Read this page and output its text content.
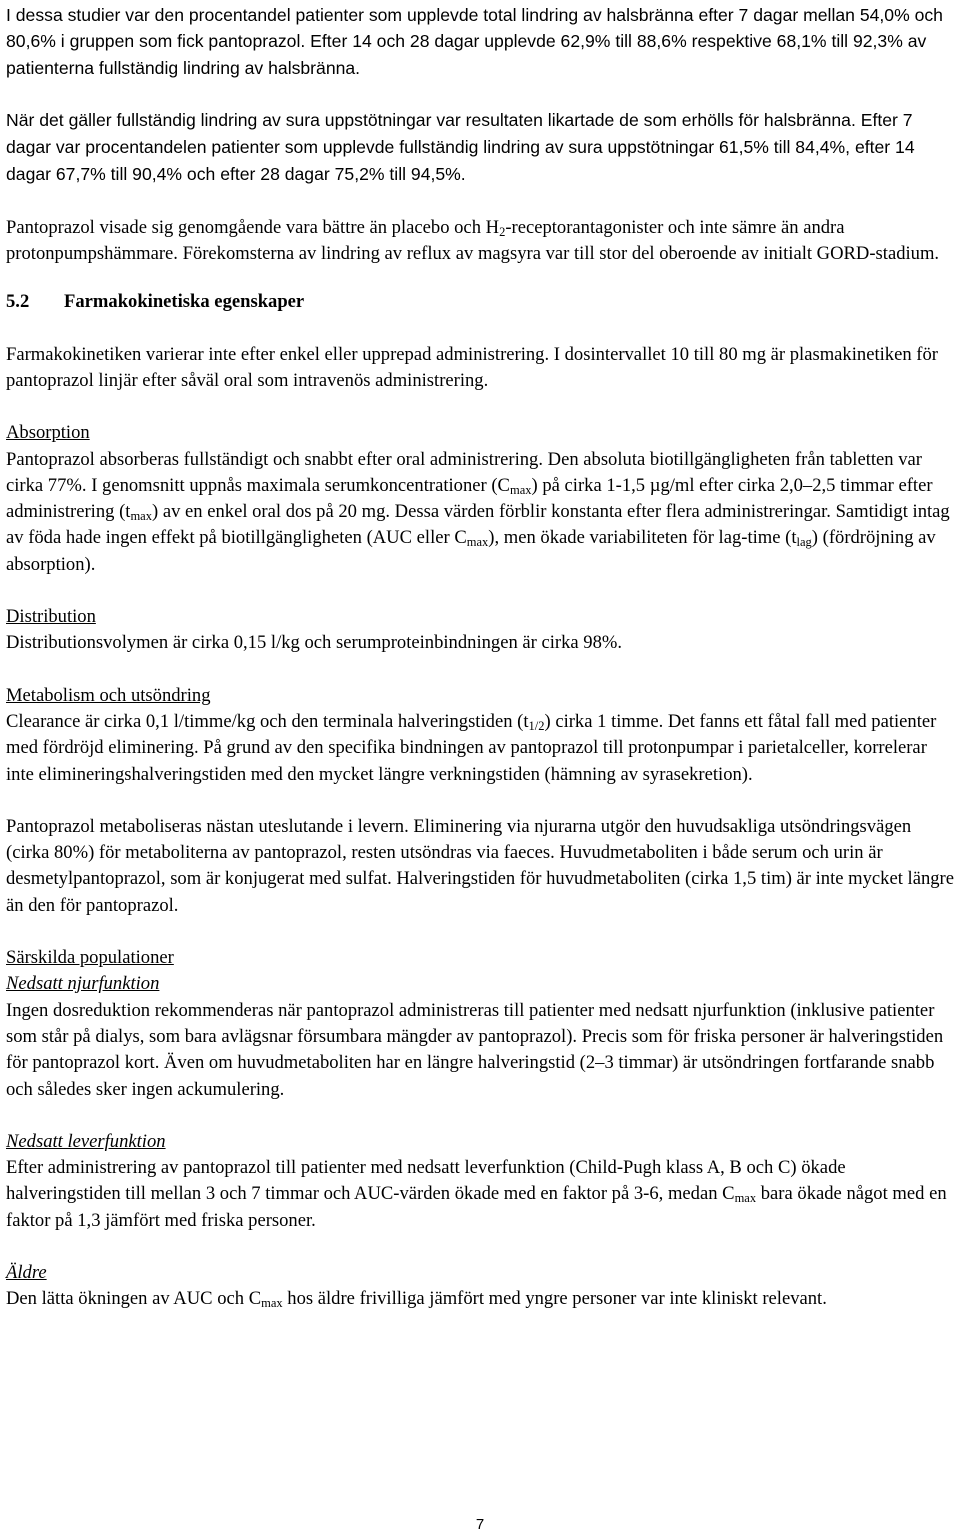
I dessa studier var den procentandel patienter som upplevde total lindring av halsbränna efter 7 dagar mellan 54,0% och 80,6% i gruppen som fick pantoprazol. Efter 14 och 28 dagar upplevde 62,9% till 88,6% respektive 68,1% till 92,3% av patienterna fullständig lindring av halsbränna.

När det gäller fullständig lindring av sura uppstötningar var resultaten likartade de som erhölls för halsbränna. Efter 7 dagar var procentandelen patienter som upplevde fullständig lindring av sura uppstötningar 61,5% till 84,4%, efter 14 dagar 67,7% till 90,4% och efter 28 dagar 75,2% till 94,5%.

Pantoprazol visade sig genomgående vara bättre än placebo och $H_2$-receptorantagonister och inte sämre än andra protonpumpshämmare. Förekomsterna av lindring av reflux av magsyra var till stor del oberoende av initialt GORD-stadium.

5.2 Farmakokinetiska egenskaper

Farmakokinetiken varierar inte efter enkel eller upprepad administrering. I dosintervallet 10 till 80 mg är plasmakinetiken för pantoprazol linjär efter såväl oral som intravenös administrering.

Absorption

Pantoprazol absorberas fullständigt och snabbt efter oral administrering. Den absoluta biotillgängligheten från tabletten var cirka 77%. I genomsnitt uppnås maximala serumkoncentrationer $(C_{max})$ på cirka 1-1,5 µg/ml efter cirka 2,0–2,5 timmar efter administrering $(t_{max})$ av en enkel oral dos på 20 mg. Dessa värden förblir konstanta efter flera administreringar. Samtidigt intag av föda hade ingen effekt på biotillgängligheten (AUC eller $C_{max}$), men ökade variabiliteten för lag-time $(t_{lag})$ (fördröjning av absorption).

Distribution

Distributionsvolymen är cirka 0,15 l/kg och serumproteinbindningen är cirka 98%.

Metabolism och utsöndring

Clearance är cirka 0,1 l/timme/kg och den terminala halveringstiden $(t_{1/2})$ cirka 1 timme. Det fanns ett fåtal fall med patienter med fördröjd eliminering. På grund av den specifika bindningen av pantoprazol till protonpumpar i parietalceller, korrelerar inte elimineringshalveringstiden med den mycket längre verkningstiden (hämning av syrasekretion).

Pantoprazol metaboliseras nästan uteslutande i levern. Eliminering via njurarna utgör den huvudsakliga utsöndringsvägen (cirka 80%) för metaboliterna av pantoprazol, resten utsöndras via faeces. Huvudmetaboliten i både serum och urin är desmetylpantoprazol, som är konjugerat med sulfat. Halveringstiden för huvudmetaboliten (cirka 1,5 tim) är inte mycket längre än den för pantoprazol.

Särskilda populationer

Nedsatt njurfunktion

Ingen dosreduktion rekommenderas när pantoprazol administreras till patienter med nedsatt njurfunktion (inklusive patienter som står på dialys, som bara avlägsnar försumbara mängder av pantoprazol). Precis som för friska personer är halveringstiden för pantoprazol kort. Även om huvudmetaboliten har en längre halveringstid (2–3 timmar) är utsöndringen fortfarande snabb och således sker ingen ackumulering.

Nedsatt leverfunktion

Efter administrering av pantoprazol till patienter med nedsatt leverfunktion (Child-Pugh klass A, B och C) ökade halveringstiden till mellan 3 och 7 timmar och AUC-värden ökade med en faktor på 3-6, medan $C_{max}$ bara ökade något med en faktor på 1,3 jämfört med friska personer.

Äldre

Den lätta ökningen av AUC och $C_{max}$ hos äldre frivilliga jämfört med yngre personer var inte kliniskt relevant.

7
